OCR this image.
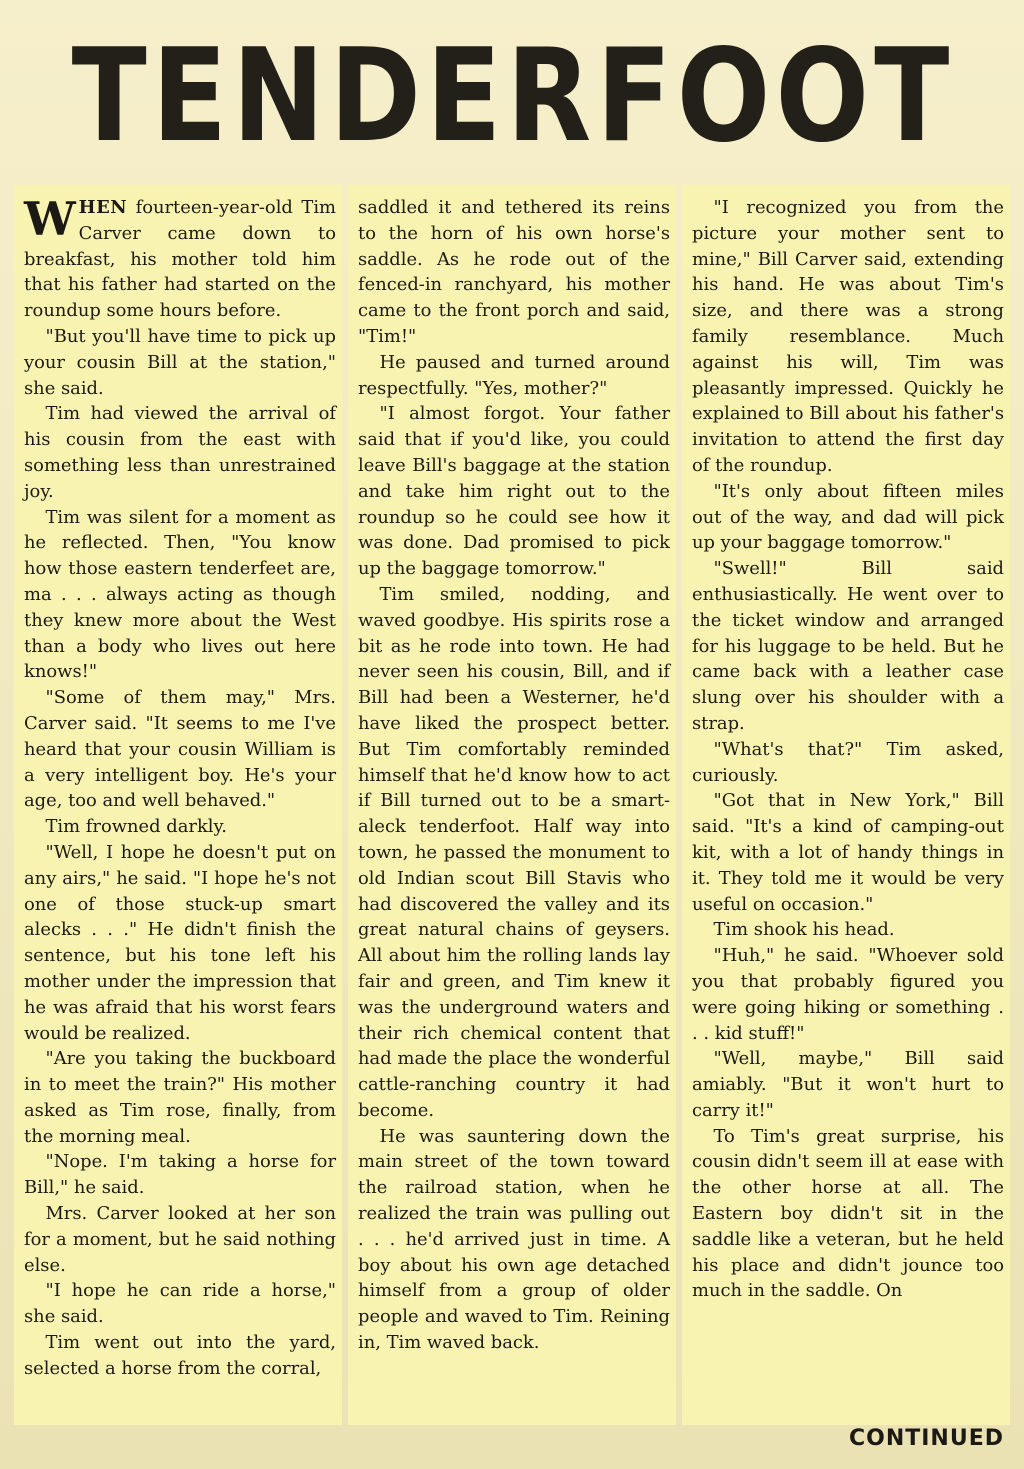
TENDERFOOT

WHEN fourteen-year-old Tim Carver came down to breakfast, his mother told him that his father had started on the roundup some hours before.

"But you'll have time to pick up your cousin Bill at the station," she said.

Tim had viewed the arrival of his cousin from the east with something less than unrestrained joy.

Tim was silent for a moment as he reflected. Then, "You know how those eastern tenderfeet are, ma . . . always acting as though they knew more about the West than a body who lives out here knows!"

"Some of them may," Mrs. Carver said. "It seems to me I've heard that your cousin William is a very intelligent boy. He's your age, too and well behaved."

Tim frowned darkly.

"Well, I hope he doesn't put on any airs," he said. "I hope he's not one of those stuck-up smart alecks . . ." He didn't finish the sentence, but his tone left his mother under the impression that he was afraid that his worst fears would be realized.

"Are you taking the buckboard in to meet the train?" His mother asked as Tim rose, finally, from the morning meal.

"Nope. I'm taking a horse for Bill," he said.

Mrs. Carver looked at her son for a moment, but he said nothing else.

"I hope he can ride a horse," she said.

Tim went out into the yard, selected a horse from the corral,

saddled it and tethered its reins to the horn of his own horse's saddle. As he rode out of the fenced-in ranchyard, his mother came to the front porch and said, "Tim!"

He paused and turned around respectfully. "Yes, mother?"

"I almost forgot. Your father said that if you'd like, you could leave Bill's baggage at the station and take him right out to the roundup so he could see how it was done. Dad promised to pick up the baggage tomorrow."

Tim smiled, nodding, and waved goodbye. His spirits rose a bit as he rode into town. He had never seen his cousin, Bill, and if Bill had been a Westerner, he'd have liked the prospect better. But Tim comfortably reminded himself that he'd know how to act if Bill turned out to be a smart-aleck tenderfoot. Half way into town, he passed the monument to old Indian scout Bill Stavis who had discovered the valley and its great natural chains of geysers. All about him the rolling lands lay fair and green, and Tim knew it was the underground waters and their rich chemical content that had made the place the wonderful cattle-ranching country it had become.

He was sauntering down the main street of the town toward the railroad station, when he realized the train was pulling out . . . he'd arrived just in time. A boy about his own age detached himself from a group of older people and waved to Tim. Reining in, Tim waved back.

"I recognized you from the picture your mother sent to mine," Bill Carver said, extending his hand. He was about Tim's size, and there was a strong family resemblance. Much against his will, Tim was pleasantly impressed. Quickly he explained to Bill about his father's invitation to attend the first day of the roundup.

"It's only about fifteen miles out of the way, and dad will pick up your baggage tomorrow."

"Swell!" Bill said enthusiastically. He went over to the ticket window and arranged for his luggage to be held. But he came back with a leather case slung over his shoulder with a strap.

"What's that?" Tim asked, curiously.

"Got that in New York," Bill said. "It's a kind of camping-out kit, with a lot of handy things in it. They told me it would be very useful on occasion."

Tim shook his head.

"Huh," he said. "Whoever sold you that probably figured you were going hiking or something . . . kid stuff!"

"Well, maybe," Bill said amiably. "But it won't hurt to carry it!"

To Tim's great surprise, his cousin didn't seem ill at ease with the other horse at all. The Eastern boy didn't sit in the saddle like a veteran, but he held his place and didn't jounce too much in the saddle. On

CONTINUED
